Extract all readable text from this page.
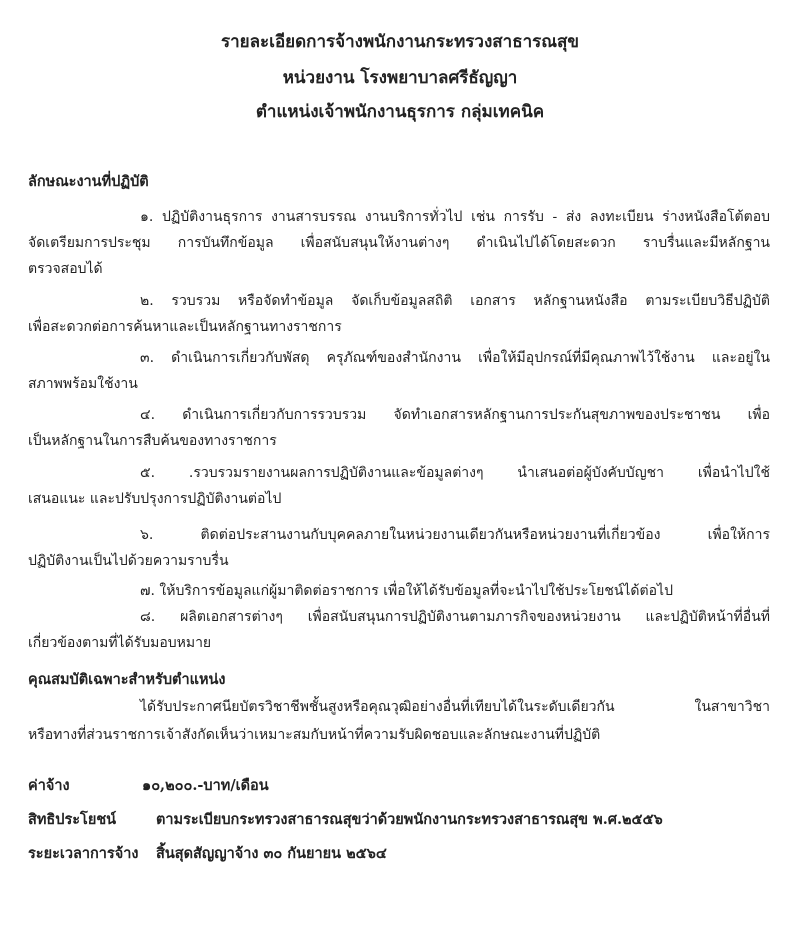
รายละเอียดการจ้างพนักงานกระทรวงสาธารณสุข
หน่วยงาน โรงพยาบาลศรีธัญญา
ตำแหน่งเจ้าพนักงานธุรการ กลุ่มเทคนิค
ลักษณะงานที่ปฏิบัติ
๑. ปฏิบัติงานธุรการ งานสารบรรณ งานบริการทั่วไป เช่น การรับ - ส่ง ลงทะเบียน ร่างหนังสือโต้ตอบ
จัดเตรียมการประชุม การบันทึกข้อมูล เพื่อสนับสนุนให้งานต่างๆ ดำเนินไปได้โดยสะดวก ราบรื่นและมีหลักฐาน
ตรวจสอบได้
๒. รวบรวม หรือจัดทำข้อมูล จัดเก็บข้อมูลสถิติ เอกสาร หลักฐานหนังสือ ตามระเบียบวิธีปฏิบัติ
เพื่อสะดวกต่อการค้นหาและเป็นหลักฐานทางราชการ
๓. ดำเนินการเกี่ยวกับพัสดุ ครุภัณฑ์ของสำนักงาน เพื่อให้มีอุปกรณ์ที่มีคุณภาพไว้ใช้งาน และอยู่ใน
สภาพพร้อมใช้งาน
๔. ดำเนินการเกี่ยวกับการรวบรวม จัดทำเอกสารหลักฐานการประกันสุขภาพของประชาชน เพื่อ
เป็นหลักฐานในการสืบค้นของทางราชการ
๕. .รวบรวมรายงานผลการปฏิบัติงานและข้อมูลต่างๆ นำเสนอต่อผู้บังคับบัญชา เพื่อนำไปใช้
เสนอแนะ และปรับปรุงการปฏิบัติงานต่อไป
๖. ติดต่อประสานงานกับบุคคลภายในหน่วยงานเดียวกันหรือหน่วยงานที่เกี่ยวข้อง เพื่อให้การ
ปฏิบัติงานเป็นไปด้วยความราบรื่น
๗. ให้บริการข้อมูลแก่ผู้มาติดต่อราชการ เพื่อให้ได้รับข้อมูลที่จะนำไปใช้ประโยชน์ได้ต่อไป
๘. ผลิตเอกสารต่างๆ เพื่อสนับสนุนการปฏิบัติงานตามภารกิจของหน่วยงาน และปฏิบัติหน้าที่อื่นที่
เกี่ยวข้องตามที่ได้รับมอบหมาย
คุณสมบัติเฉพาะสำหรับตำแหน่ง
ได้รับประกาศนียบัตรวิชาชีพชั้นสูงหรือคุณวุฒิอย่างอื่นที่เทียบได้ในระดับเดียวกัน ในสาขาวิชา
หรือทางที่ส่วนราชการเจ้าสังกัดเห็นว่าเหมาะสมกับหน้าที่ความรับผิดชอบและลักษณะงานที่ปฏิบัติ
ค่าจ้าง	๑๐,๒๐๐.-บาท/เดือน
สิทธิประโยชน์	ตามระเบียบกระทรวงสาธารณสุขว่าด้วยพนักงานกระทรวงสาธารณสุข พ.ศ.๒๕๕๖
ระยะเวลาการจ้าง สิ้นสุดสัญญาจ้าง ๓๐ กันยายน ๒๕๖๔
